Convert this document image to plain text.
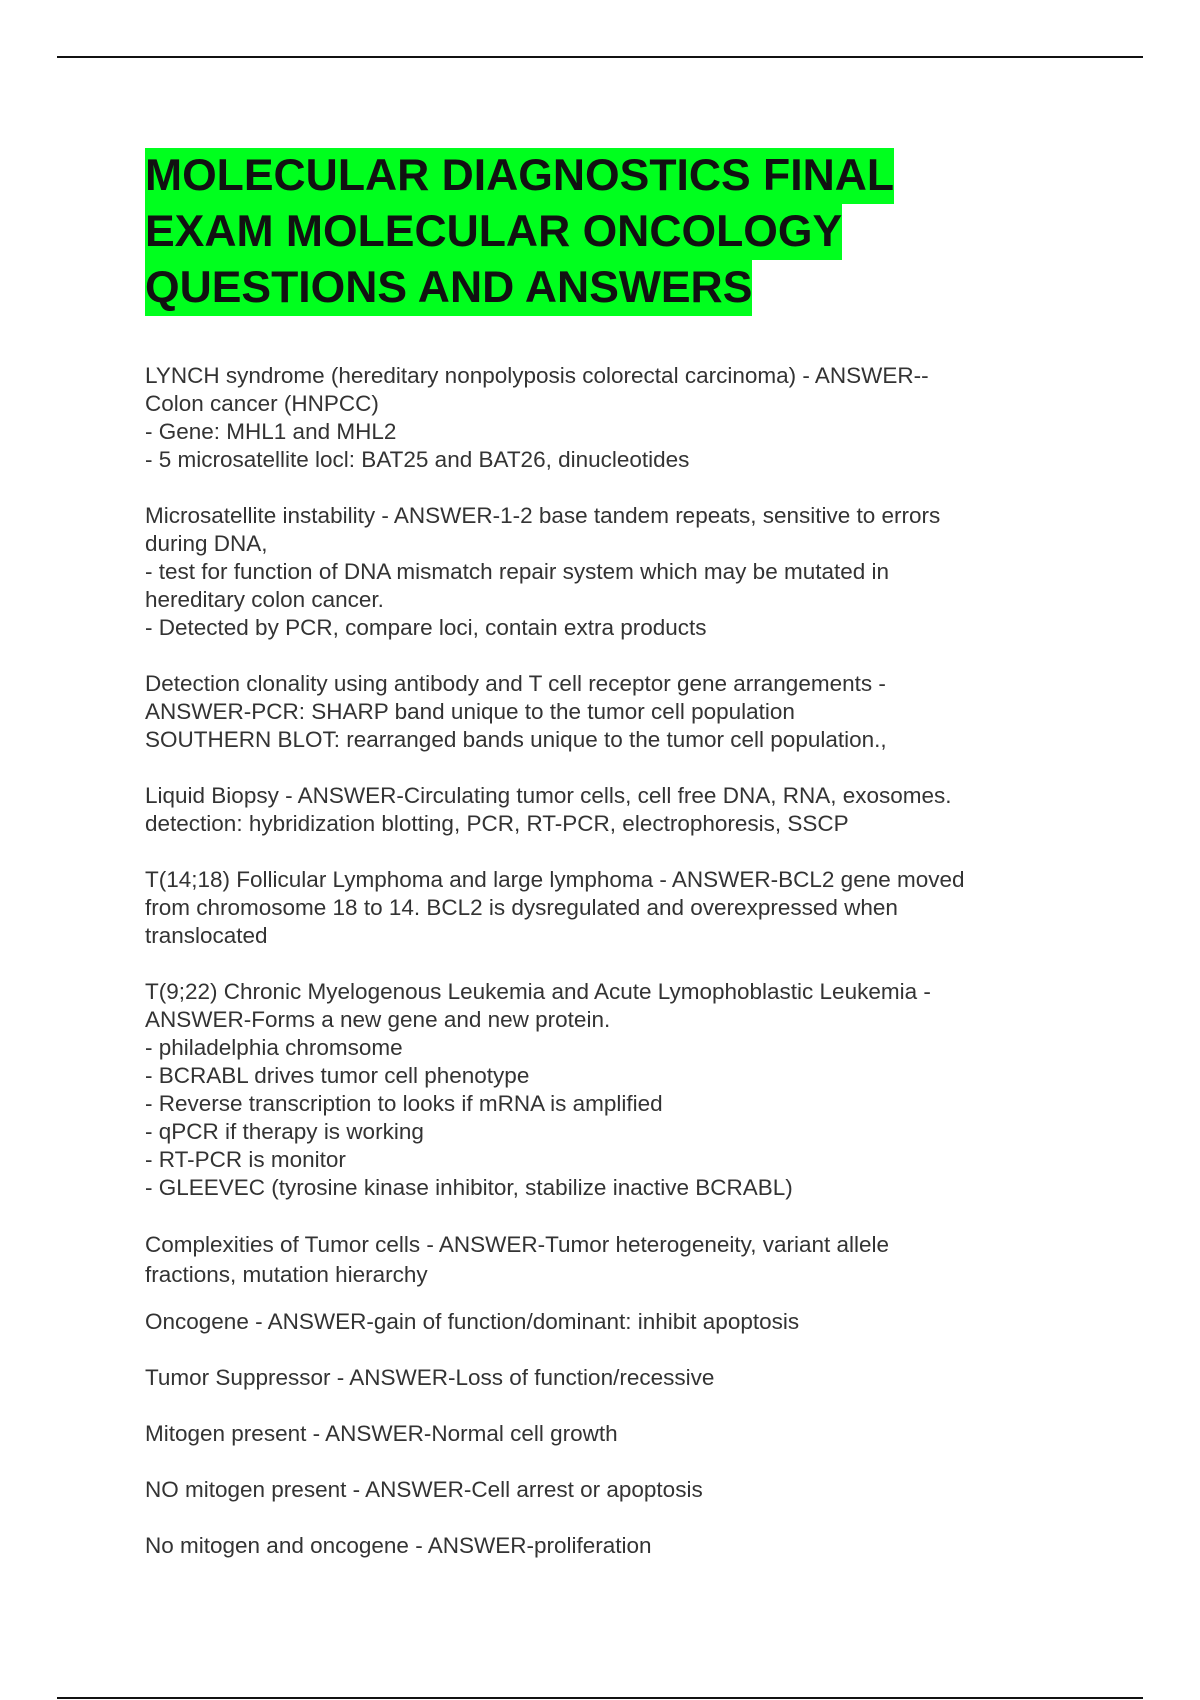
MOLECULAR DIAGNOSTICS FINAL
EXAM MOLECULAR ONCOLOGY
QUESTIONS AND ANSWERS
LYNCH syndrome (hereditary nonpolyposis colorectal carcinoma) - ANSWER--
Colon cancer (HNPCC)
- Gene: MHL1 and MHL2
- 5 microsatellite locl: BAT25 and BAT26, dinucleotides
Microsatellite instability - ANSWER-1-2 base tandem repeats, sensitive to errors
during DNA,
- test for function of DNA mismatch repair system which may be mutated in
hereditary colon cancer.
- Detected by PCR, compare loci, contain extra products
Detection clonality using antibody and T cell receptor gene arrangements -
ANSWER-PCR: SHARP band unique to the tumor cell population
SOUTHERN BLOT: rearranged bands unique to the tumor cell population.,
Liquid Biopsy - ANSWER-Circulating tumor cells, cell free DNA, RNA, exosomes.
detection: hybridization blotting, PCR, RT-PCR, electrophoresis, SSCP
T(14;18) Follicular Lymphoma and large lymphoma - ANSWER-BCL2 gene moved
from chromosome 18 to 14. BCL2 is dysregulated and overexpressed when
translocated
T(9;22) Chronic Myelogenous Leukemia and Acute Lymophoblastic Leukemia -
ANSWER-Forms a new gene and new protein.
- philadelphia chromsome
- BCRABL drives tumor cell phenotype
- Reverse transcription to looks if mRNA is amplified
- qPCR if therapy is working
- RT-PCR is monitor
- GLEEVEC (tyrosine kinase inhibitor, stabilize inactive BCRABL)
Complexities of Tumor cells - ANSWER-Tumor heterogeneity, variant allele
fractions, mutation hierarchy
Oncogene - ANSWER-gain of function/dominant: inhibit apoptosis
Tumor Suppressor - ANSWER-Loss of function/recessive
Mitogen present - ANSWER-Normal cell growth
NO mitogen present - ANSWER-Cell arrest or apoptosis
No mitogen and oncogene - ANSWER-proliferation
